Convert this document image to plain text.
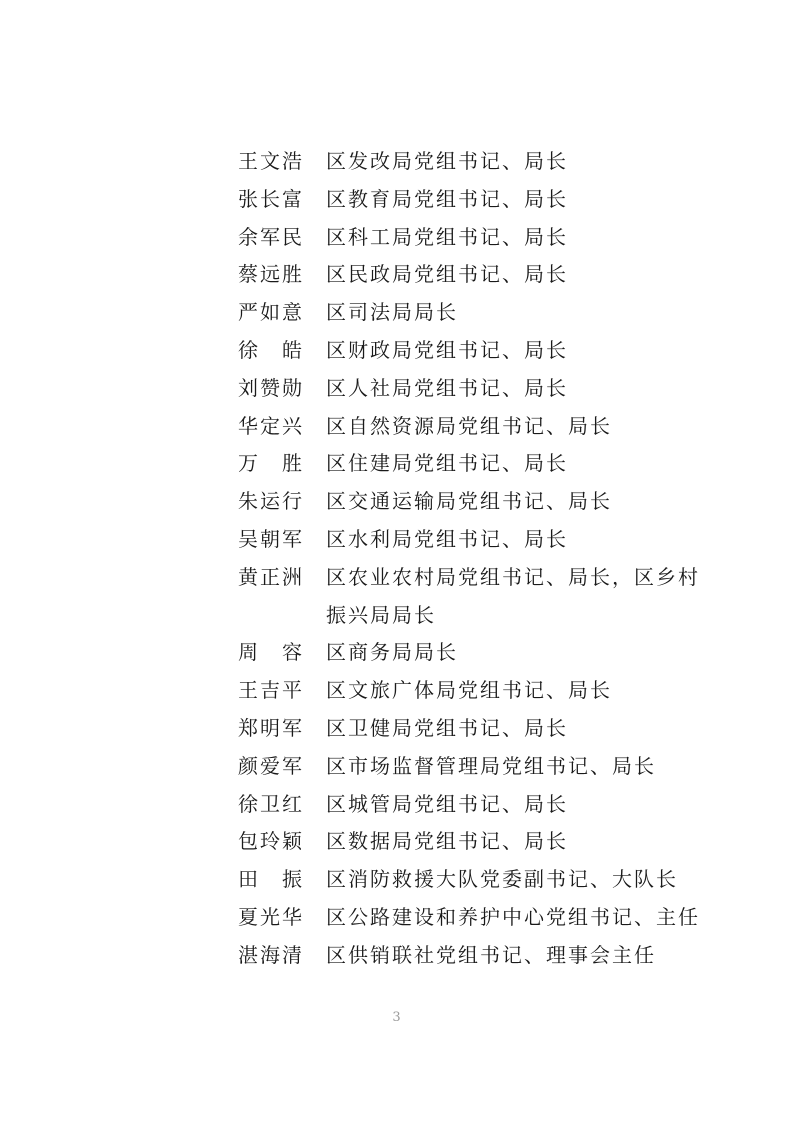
王文浩 区发改局党组书记、局长
张长富 区教育局党组书记、局长
余军民 区科工局党组书记、局长
蔡远胜 区民政局党组书记、局长
严如意 区司法局局长
徐 皓 区财政局党组书记、局长
刘赞勋 区人社局党组书记、局长
华定兴 区自然资源局党组书记、局长
万 胜 区住建局党组书记、局长
朱运行 区交通运输局党组书记、局长
吴朝军 区水利局党组书记、局长
黄正洲 区农业农村局党组书记、局长，区乡村振兴局局长
周 容 区商务局局长
王吉平 区文旅广体局党组书记、局长
郑明军 区卫健局党组书记、局长
颜爱军 区市场监督管理局党组书记、局长
徐卫红 区城管局党组书记、局长
包玲颖 区数据局党组书记、局长
田 振 区消防救援大队党委副书记、大队长
夏光华 区公路建设和养护中心党组书记、主任
湛海清 区供销联社党组书记、理事会主任
3
